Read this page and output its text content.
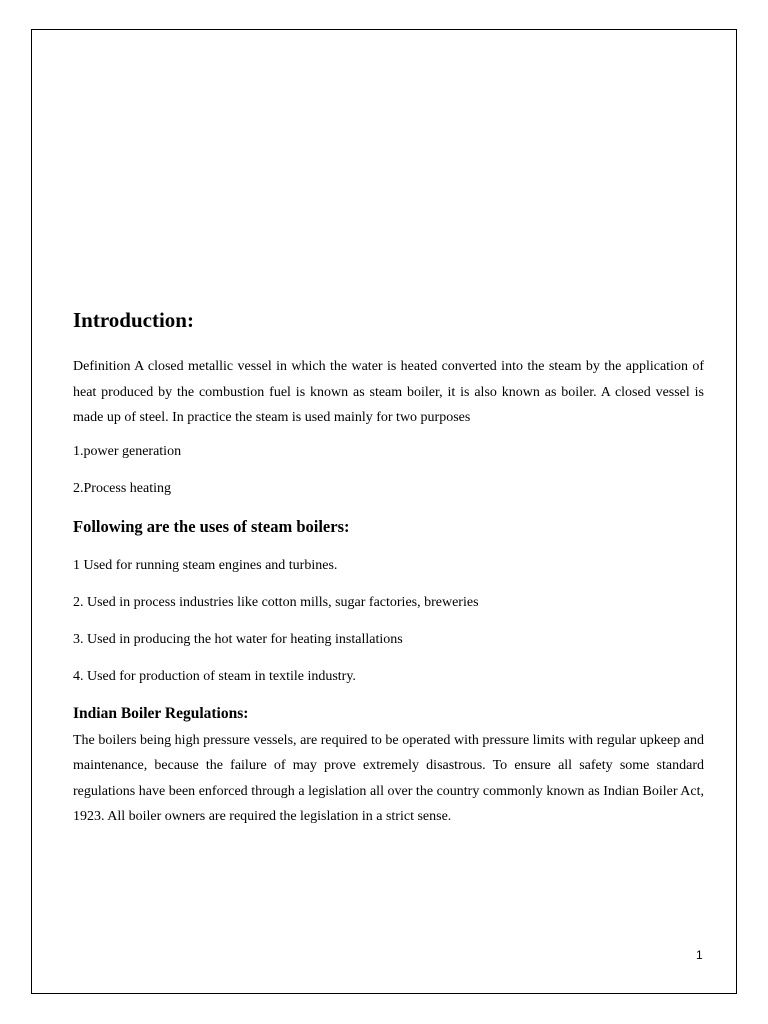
Introduction:

Definition A closed metallic vessel in which the water is heated converted into the steam by the application of heat produced by the combustion fuel is known as steam boiler, it is also known as boiler. A closed vessel is made up of steel. In practice the steam is used mainly for two purposes

1.power generation
2.Process heating
Following are the uses of steam boilers:
1 Used for running steam engines and turbines.
2. Used in process industries like cotton mills, sugar factories, breweries
3. Used in producing the hot water for heating installations
4. Used for production of steam in textile industry.
Indian Boiler Regulations:

The boilers being high pressure vessels, are required to be operated with pressure limits with regular upkeep and maintenance, because the failure of may prove extremely disastrous. To ensure all safety some standard regulations have been enforced through a legislation all over the country commonly known as Indian Boiler Act, 1923. All boiler owners are required the legislation in a strict sense.

1
